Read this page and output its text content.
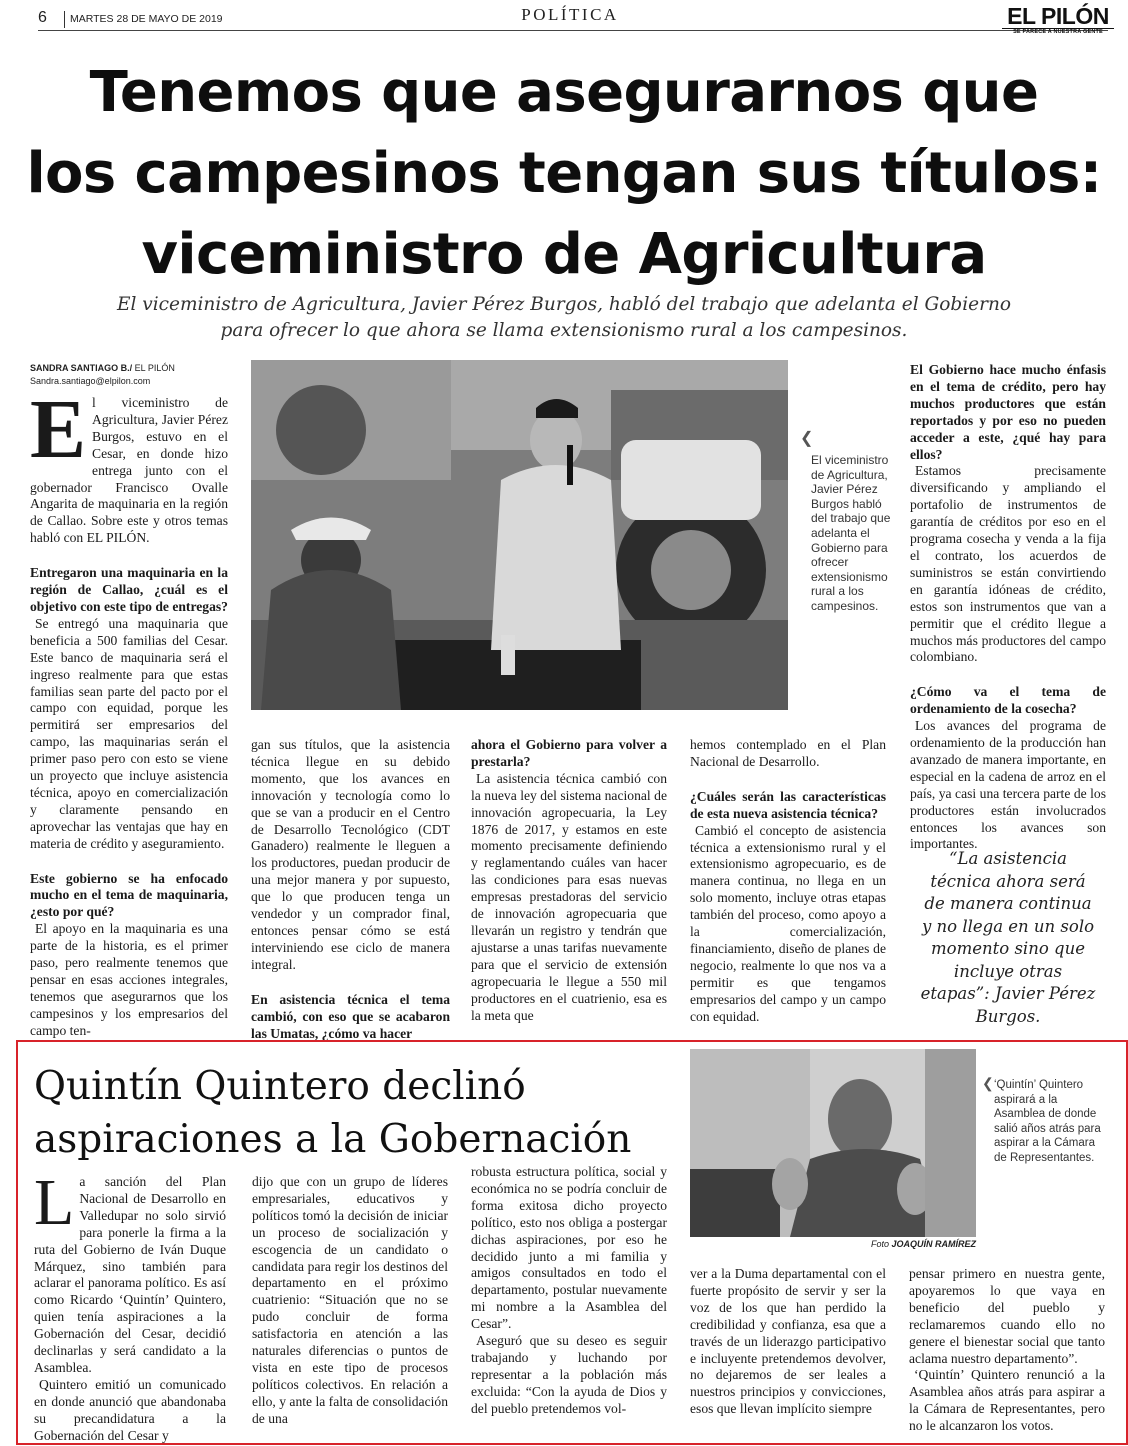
6 MARTES 28 DE MAYO DE 2019	POLÍTICA	EL PILÓN
SE PARECE A NUESTRA GENTE
Tenemos que asegurarnos que
los campesinos tengan sus títulos:
viceministro de Agricultura
El viceministro de Agricultura, Javier Pérez Burgos, habló del trabajo que adelanta el Gobierno
para ofrecer lo que ahora se llama extensionismo rural a los campesinos.
SANDRA SANTIAGO B./ EL PILÓN
Sandra.santiago@elpilon.com
E l viceministro de Agricultura, Javier Pérez Burgos, estuvo en el Cesar, en donde hizo entrega junto con el gobernador Francisco Ovalle Angarita de maquinaria en la región de Callao. Sobre este y otros temas habló con EL PILÓN.

Entregaron una maquinaria en la región de Callao, ¿cuál es el objetivo con este tipo de entregas?

Se entregó una maquinaria que beneficia a 500 familias del Cesar. Este banco de maquinaria será el ingreso realmente para que estas familias sean parte del pacto por el campo con equidad, porque les permitirá ser empresarios del campo, las maquinarias serán el primer paso pero con esto se viene un proyecto que incluye asistencia técnica, apoyo en comercialización y claramente pensando en aprovechar las ventajas que hay en materia de crédito y aseguramiento.

Este gobierno se ha enfocado mucho en el tema de maquinaria, ¿esto por qué?

El apoyo en la maquinaria es una parte de la historia, es el primer paso, pero realmente tenemos que pensar en esas acciones integrales, tenemos que asegurarnos que los campesinos y los empresarios del campo ten-

❮
El viceministro de Agricultura, Javier Pérez Burgos habló del trabajo que adelanta el Gobierno para ofrecer extensionismo rural a los campesinos.

El Gobierno hace mucho énfasis en el tema de crédito, pero hay muchos productores que están reportados y por eso no pueden acceder a este, ¿qué hay para ellos?

Estamos precisamente diversificando y ampliando el portafolio de instrumentos de garantía de créditos por eso en el programa cosecha y venda a la fija el contrato, los acuerdos de suministros se están convirtiendo en garantía idóneas de crédito, estos son instrumentos que van a permitir que el crédito llegue a muchos más productores del campo colombiano.

¿Cómo va el tema de ordenamiento de la cosecha?

Los avances del programa de ordenamiento de la producción han avanzado de manera importante, en especial en la cadena de arroz en el país, ya casi una tercera parte de los productores están involucrados entonces los avances son importantes.

“La asistencia técnica ahora será de manera continua y no llega en un solo momento sino que incluye otras etapas”: Javier Pérez Burgos.

gan sus títulos, que la asistencia técnica llegue en su debido momento, que los avances en innovación y tecnología como lo que se van a producir en el Centro de Desarrollo Tecnológico (CDT Ganadero) realmente le lleguen a los productores, puedan producir de una mejor manera y por supuesto, que lo que producen tenga un vendedor y un comprador final, entonces pensar cómo se está interviniendo ese ciclo de manera integral.

En asistencia técnica el tema cambió, con eso que se acabaron las Umatas, ¿cómo va hacer

ahora el Gobierno para volver a prestarla?

La asistencia técnica cambió con la nueva ley del sistema nacional de innovación agropecuaria, la Ley 1876 de 2017, y estamos en este momento precisamente definiendo y reglamentando cuáles van hacer las condiciones para esas nuevas empresas prestadoras del servicio de innovación agropecuaria que llevarán un registro y tendrán que ajustarse a unas tarifas nuevamente para que el servicio de extensión agropecuaria le llegue a 550 mil productores en el cuatrienio, esa es la meta que

hemos contemplado en el Plan Nacional de Desarrollo.

¿Cuáles serán las características de esta nueva asistencia técnica?

Cambió el concepto de asistencia técnica a extensionismo rural y el extensionismo agropecuario, es de manera continua, no llega en un solo momento, incluye otras etapas también del proceso, como apoyo a la comercialización, financiamiento, diseño de planes de negocio, realmente lo que nos va a permitir es que tengamos empresarios del campo y un campo con equidad.

Quintín Quintero declinó
aspiraciones a la Gobernación
Foto JOAQUÍN RAMÍREZ
❮ ‘Quintín’ Quintero aspirará a la Asamblea de donde salió años atrás para aspirar a la Cámara de Representantes.
L a sanción del Plan Nacional de Desarrollo en Valledupar no solo sirvió para ponerle la firma a la ruta del Gobierno de Iván Duque Márquez, sino también para aclarar el panorama político. Es así como Ricardo ‘Quintín’ Quintero, quien tenía aspiraciones a la Gobernación del Cesar, decidió declinarlas y será candidato a la Asamblea.

Quintero emitió un comunicado en donde anunció que abandonaba su precandidatura a la Gobernación del Cesar y

dijo que con un grupo de líderes empresariales, educativos y políticos tomó la decisión de iniciar un proceso de socialización y escogencia de un candidato o candidata para regir los destinos del departamento en el próximo cuatrienio: “Situación que no se pudo concluir de forma satisfactoria en atención a las naturales diferencias o puntos de vista en este tipo de procesos políticos colectivos. En relación a ello, y ante la falta de consolidación de una

robusta estructura política, social y económica no se podría concluir de forma exitosa dicho proyecto político, esto nos obliga a postergar dichas aspiraciones, por eso he decidido junto a mi familia y amigos consultados en todo el departamento, postular nuevamente mi nombre a la Asamblea del Cesar”.

Aseguró que su deseo es seguir trabajando y luchando por representar a la población más excluida: “Con la ayuda de Dios y del pueblo pretendemos vol-

ver a la Duma departamental con el fuerte propósito de servir y ser la voz de los que han perdido la credibilidad y confianza, esa que a través de un liderazgo participativo e incluyente pretendemos devolver, no dejaremos de ser leales a nuestros principios y convicciones, esos que llevan implícito siempre

pensar primero en nuestra gente, apoyaremos lo que vaya en beneficio del pueblo y reclamaremos cuando ello no genere el bienestar social que tanto aclama nuestro departamento”.

‘Quintín’ Quintero renunció a la Asamblea años atrás para aspirar a la Cámara de Representantes, pero no le alcanzaron los votos.
